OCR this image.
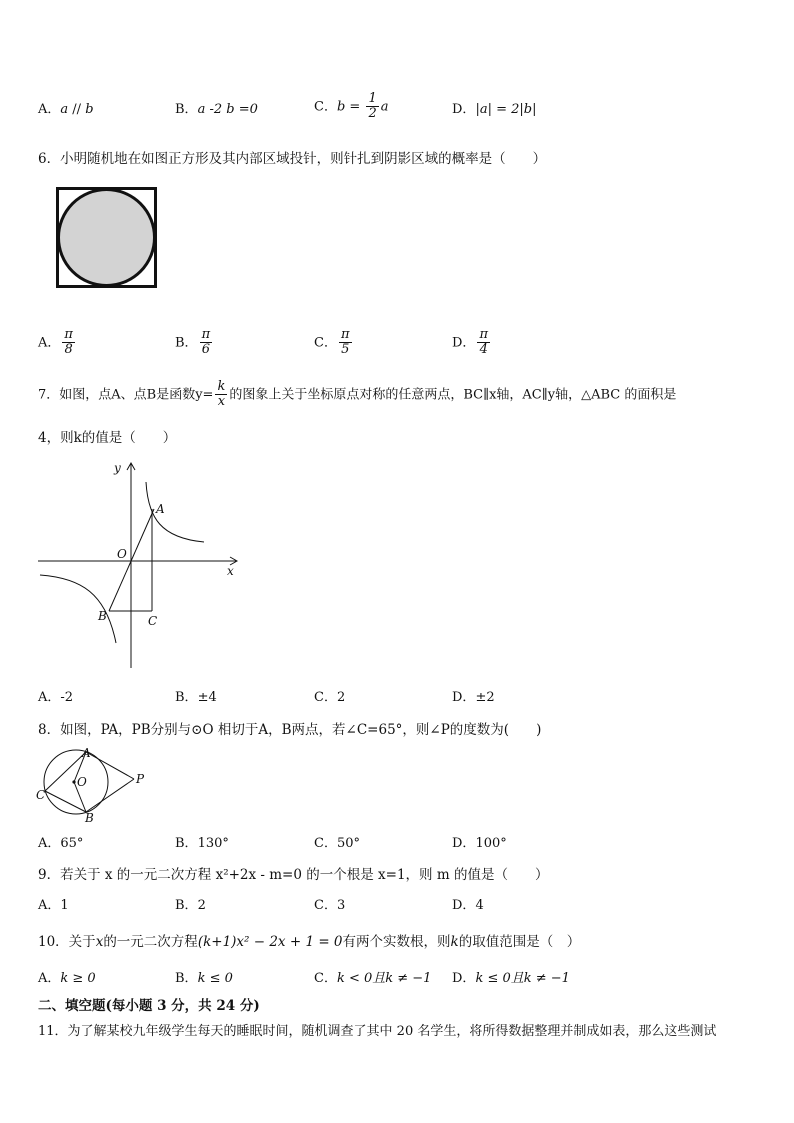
A．a // b	B．a -2 b =0	C．$b = \frac{1}{2}$ a	D．|a| = 2|b|
6．小明随机地在如图正方形及其内部区域投针，则针扎到阴影区域的概率是（　　）
A． $\frac{\pi}{8}$	B． $\frac{\pi}{6}$	C． $\frac{\pi}{5}$	D． $\frac{\pi}{4}$
7．如图，点A、点B是函数$y= \frac{k}{x}$ 的图象上关于坐标原点对称的任意两点，BC∥x轴，AC∥y轴，△ABC 的面积是
4，则k的值是（　　）
y
x
O
A
B	C
A．-2	B．±4	C．2	D．±2
8．如图，PA，PB分别与⊙O 相切于A，B两点，若∠C=65°，则∠P的度数为(　　)
A
B
C
O	P
A．65°	B．130°	C．50°	D．100°
9．若关于 x 的一元二次方程 x²+2x - m=0 的一个根是 x=1，则 m 的值是（　　）
A．1	B．2	C．3	D．4
10．关于x的一元二次方程(k+1)x² − 2x + 1 = 0有两个实数根，则k的取值范围是（　）
A．k ≥ 0	B．k ≤ 0	C．k < 0且k ≠ −1 D．k ≤ 0且k ≠ −1
二、填空题(每小题 3 分，共 24 分)
11．为了解某校九年级学生每天的睡眠时间，随机调查了其中 20 名学生，将所得数据整理并制成如表，那么这些测试
